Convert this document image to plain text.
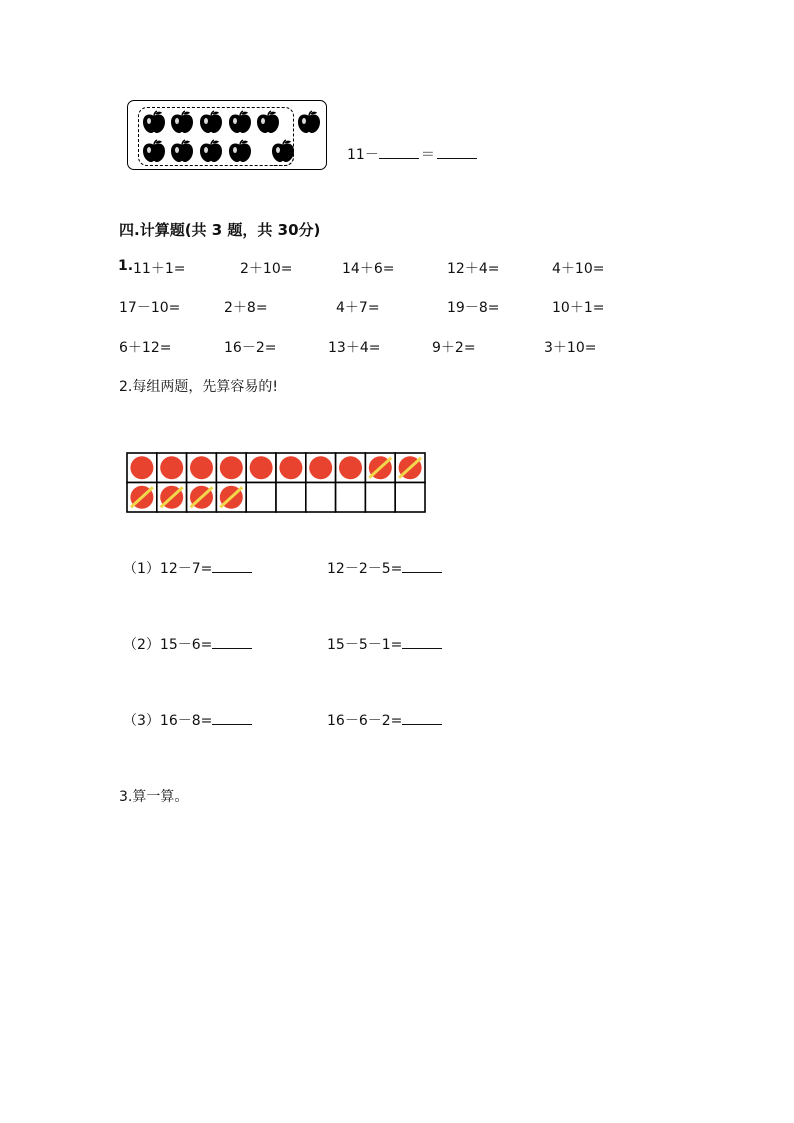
11－	＝
四.计算题(共 3 题，共 30分)
1. 11＋1=	2＋10=	14＋6=	12＋4=	4＋10=
17－10=	2＋8=	4＋7=	19－8=	10＋1=
6＋12=	16－2=	13＋4=	9＋2=	3＋10=
2.每组两题，先算容易的!
（1）12－7=	12－2－5=
（2）15－6=	15－5－1=
（3）16－8=	16－6－2=
3.算一算。
